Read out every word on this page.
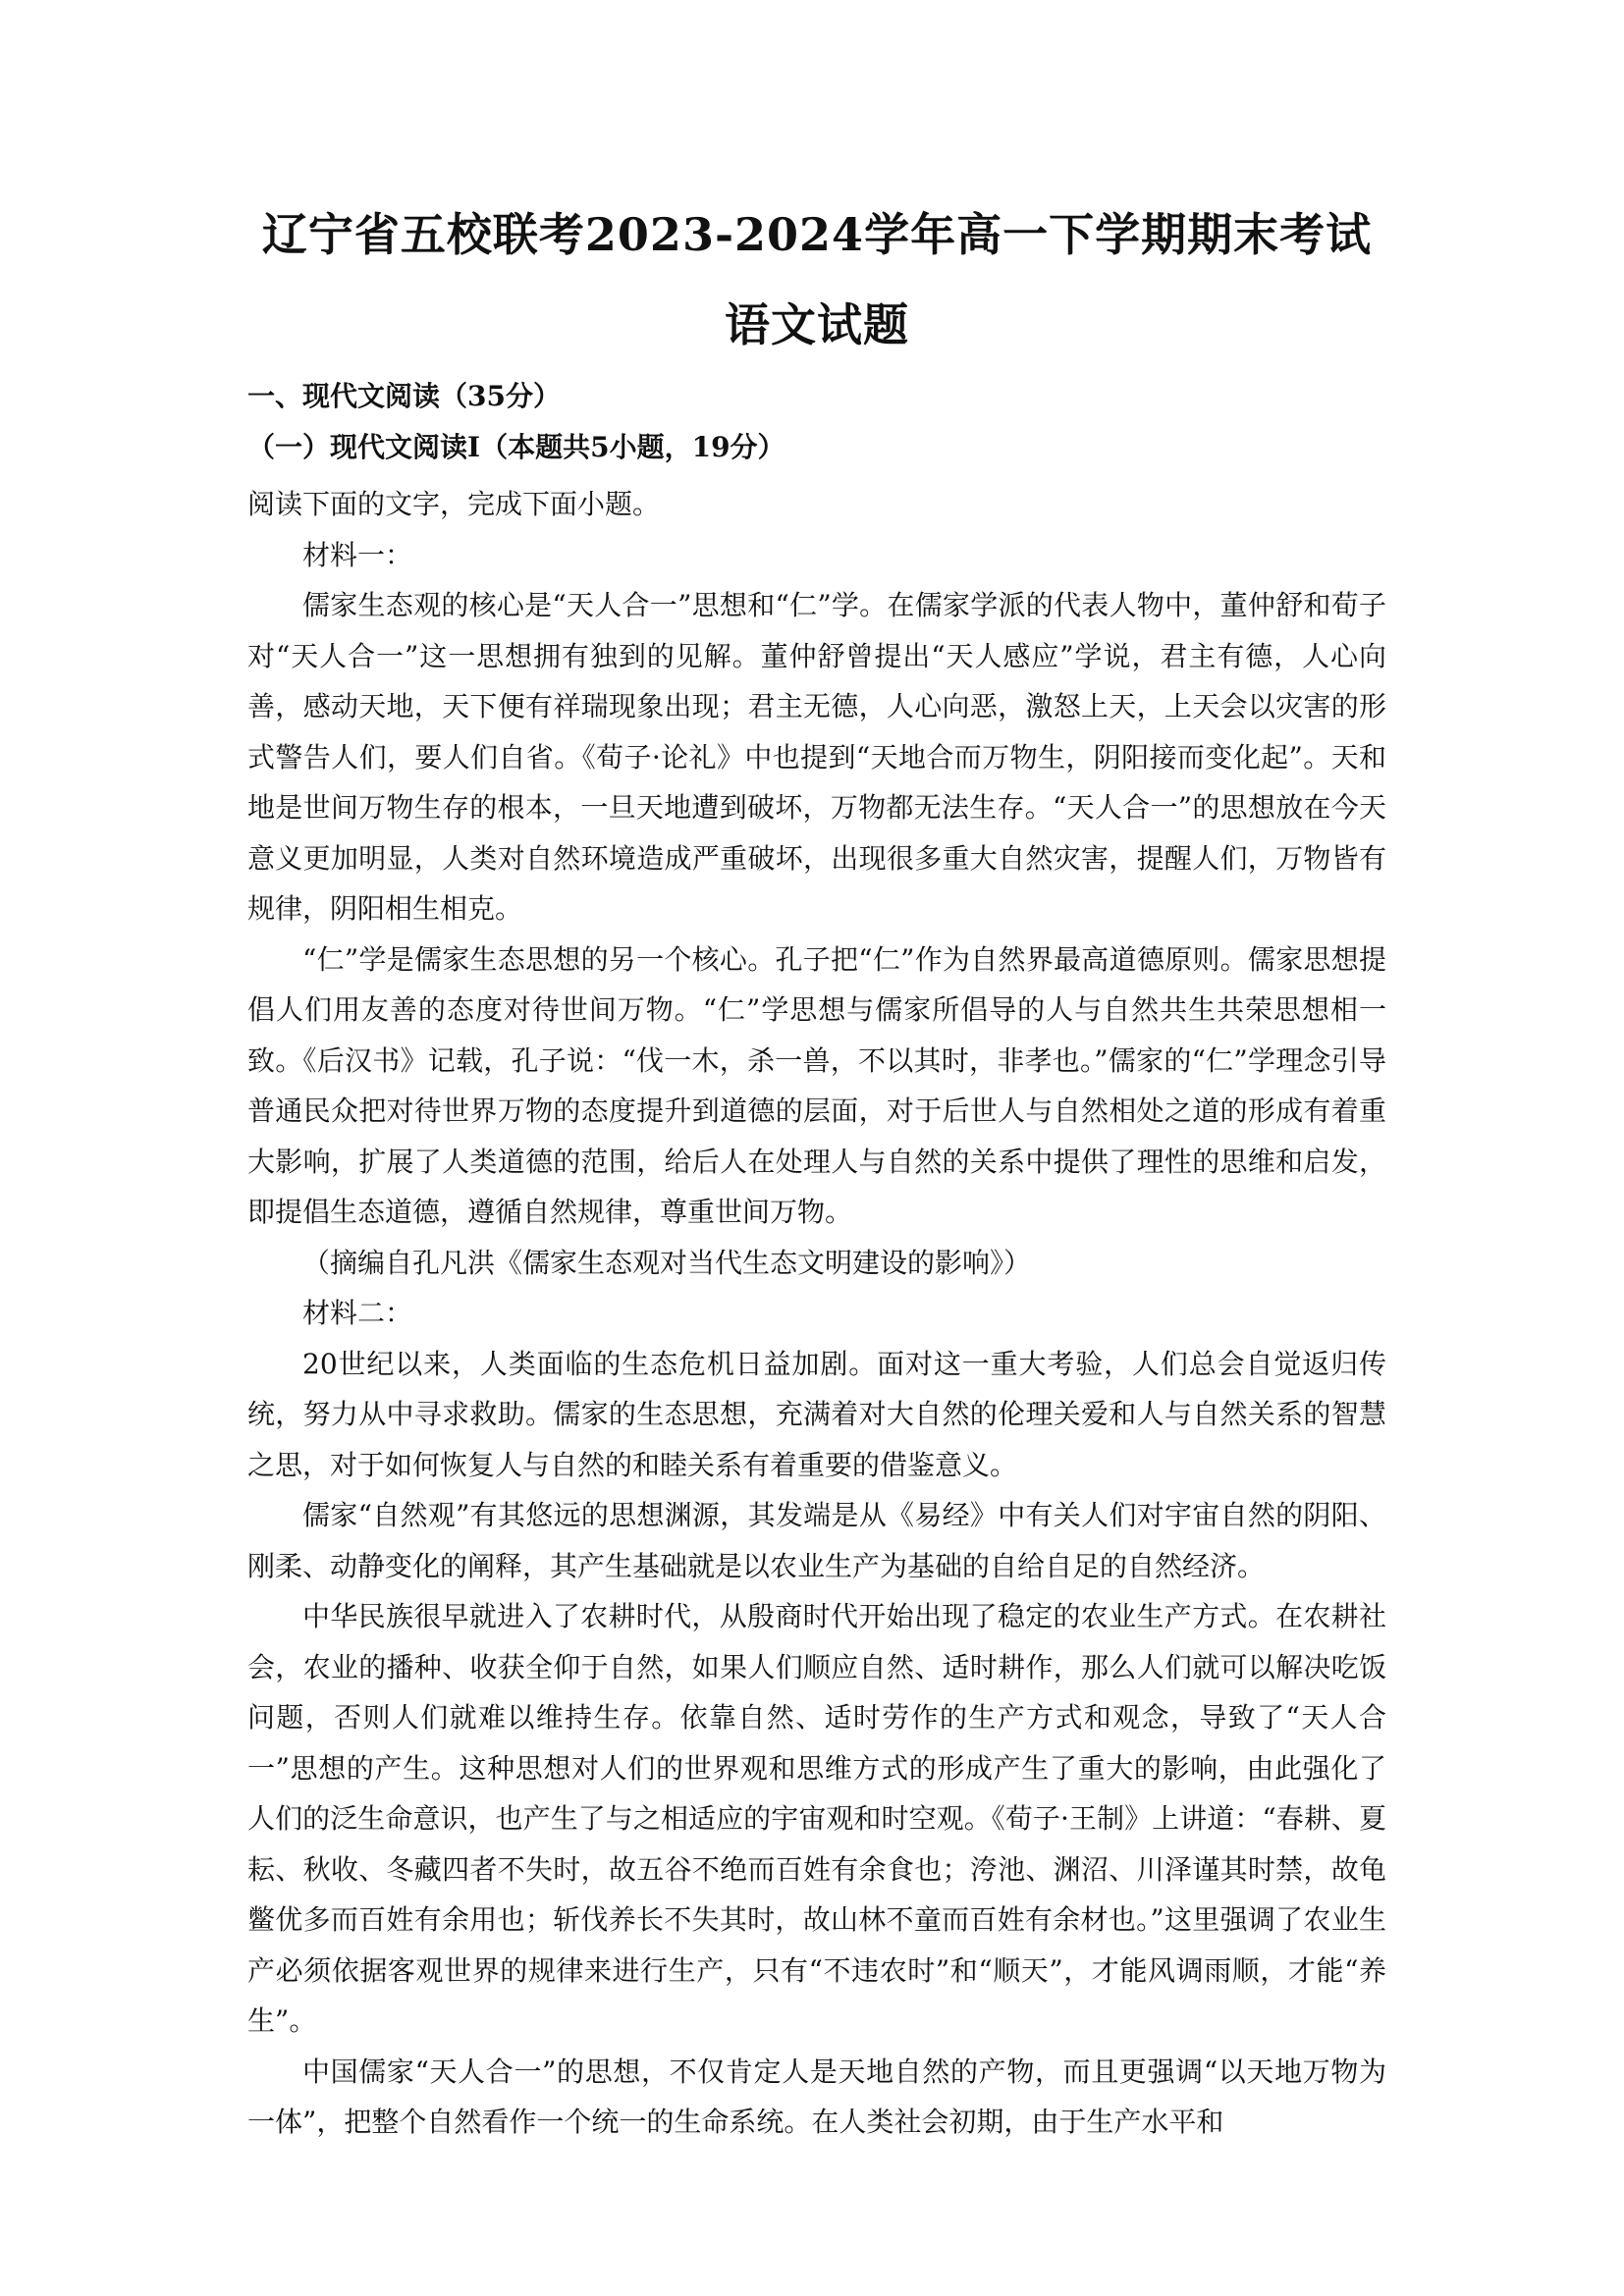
辽宁省五校联考2023-2024学年高一下学期期末考试
语文试题
一、现代文阅读（35分）
（一）现代文阅读Ⅰ（本题共5小题，19分）

阅读下面的文字，完成下面小题。

材料一：

儒家生态观的核心是“天人合一”思想和“仁”学。在儒家学派的代表人物中，董仲舒和荀子对“天人合一”这一思想拥有独到的见解。董仲舒曾提出“天人感应”学说，君主有德，人心向善，感动天地，天下便有祥瑞现象出现；君主无德，人心向恶，激怒上天，上天会以灾害的形式警告人们，要人们自省。《荀子·论礼》中也提到“天地合而万物生，阴阳接而变化起”。天和地是世间万物生存的根本，一旦天地遭到破坏，万物都无法生存。“天人合一”的思想放在今天意义更加明显，人类对自然环境造成严重破坏，出现很多重大自然灾害，提醒人们，万物皆有规律，阴阳相生相克。

“仁”学是儒家生态思想的另一个核心。孔子把“仁”作为自然界最高道德原则。儒家思想提倡人们用友善的态度对待世间万物。“仁”学思想与儒家所倡导的人与自然共生共荣思想相一致。《后汉书》记载，孔子说：“伐一木，杀一兽，不以其时，非孝也。”儒家的“仁”学理念引导普通民众把对待世界万物的态度提升到道德的层面，对于后世人与自然相处之道的形成有着重大影响，扩展了人类道德的范围，给后人在处理人与自然的关系中提供了理性的思维和启发，即提倡生态道德，遵循自然规律，尊重世间万物。

（摘编自孔凡洪《儒家生态观对当代生态文明建设的影响》）

材料二：

20世纪以来，人类面临的生态危机日益加剧。面对这一重大考验，人们总会自觉返归传统，努力从中寻求救助。儒家的生态思想，充满着对大自然的伦理关爱和人与自然关系的智慧之思，对于如何恢复人与自然的和睦关系有着重要的借鉴意义。

儒家“自然观”有其悠远的思想渊源，其发端是从《易经》中有关人们对宇宙自然的阴阳、刚柔、动静变化的阐释，其产生基础就是以农业生产为基础的自给自足的自然经济。

中华民族很早就进入了农耕时代，从殷商时代开始出现了稳定的农业生产方式。在农耕社会，农业的播种、收获全仰于自然，如果人们顺应自然、适时耕作，那么人们就可以解决吃饭问题，否则人们就难以维持生存。依靠自然、适时劳作的生产方式和观念，导致了“天人合一”思想的产生。这种思想对人们的世界观和思维方式的形成产生了重大的影响，由此强化了人们的泛生命意识，也产生了与之相适应的宇宙观和时空观。《荀子·王制》上讲道：“春耕、夏耘、秋收、冬藏四者不失时，故五谷不绝而百姓有余食也；洿池、渊沼、川泽谨其时禁，故龟鳖优多而百姓有余用也；斩伐养长不失其时，故山林不童而百姓有余材也。”这里强调了农业生产必须依据客观世界的规律来进行生产，只有“不违农时”和“顺天”，才能风调雨顺，才能“养生”。

中国儒家“天人合一”的思想，不仅肯定人是天地自然的产物，而且更强调“以天地万物为一体”，把整个自然看作一个统一的生命系统。在人类社会初期，由于生产水平和
